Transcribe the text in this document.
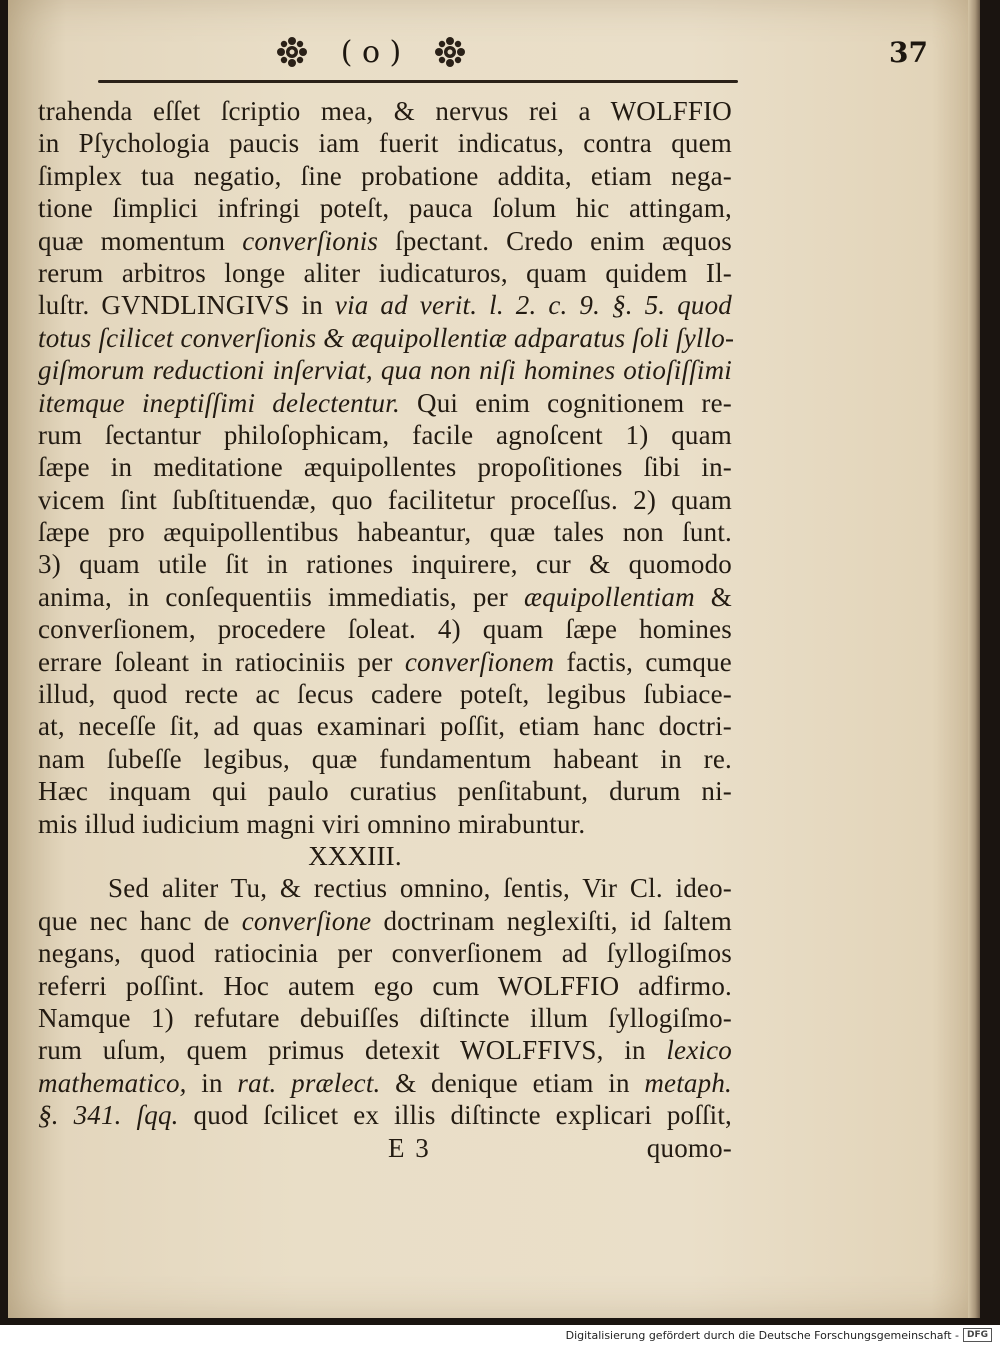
( o )	37
trahenda eſſet ſcriptio mea, & nervus rei a WOLFFIO
in Pſychologia paucis iam fuerit indicatus, contra quem
ſimplex tua negatio, ſine probatione addita, etiam nega-
tione ſimplici infringi poteſt, pauca ſolum hic attingam,
quæ momentum converſionis ſpectant. Credo enim æquos
rerum arbitros longe aliter iudicaturos, quam quidem Il-
luſtr. GVNDLINGIVS in via ad verit. l. 2. c. 9. §. 5. quod
totus ſcilicet converſionis & æquipollentiæ adparatus ſoli ſyllo-
giſmorum reductioni inſerviat, qua non niſi homines otioſiſſimi
itemque ineptiſſimi delectentur. Qui enim cognitionem re-
rum ſectantur philoſophicam, facile agnoſcent 1) quam
ſæpe in meditatione æquipollentes propoſitiones ſibi in-
vicem ſint ſubſtituendæ, quo facilitetur proceſſus. 2) quam
ſæpe pro æquipollentibus habeantur, quæ tales non ſunt.
3) quam utile ſit in rationes inquirere, cur & quomodo
anima, in conſequentiis immediatis, per æquipollentiam &
converſionem, procedere ſoleat. 4) quam ſæpe homines
errare ſoleant in ratiociniis per converſionem factis, cumque
illud, quod recte ac ſecus cadere poteſt, legibus ſubiace-
at, neceſſe ſit, ad quas examinari poſſit, etiam hanc doctri-
nam ſubeſſe legibus, quæ fundamentum habeant in re.
Hæc inquam qui paulo curatius penſitabunt, durum ni-
mis illud iudicium magni viri omnino mirabuntur.
XXXIII.
Sed aliter Tu, & rectius omnino, ſentis, Vir Cl. ideo-
que nec hanc de converſione doctrinam neglexiſti, id ſaltem
negans, quod ratiocinia per converſionem ad ſyllogiſmos
referri poſſint. Hoc autem ego cum WOLFFIO adfirmo.
Namque 1) refutare debuiſſes diſtincte illum ſyllogiſmo-
rum uſum, quem primus detexit WOLFFIVS, in lexico
mathematico, in rat. prælect. & denique etiam in metaph.
§. 341. ſqq. quod ſcilicet ex illis diſtincte explicari poſſit,
E 3	quomo-
Digitalisierung gefördert durch die Deutsche Forschungsgemeinschaft - DFG
